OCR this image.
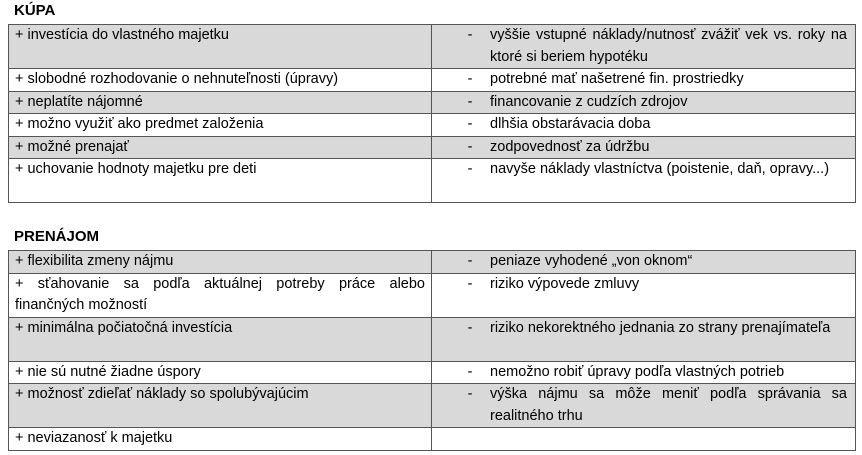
KÚPA
+ investícia do vlastného majetku	- vyššie vstupné náklady/nutnosť zvážiť vek vs. roky na ktoré si beriem hypotéku

+ slobodné rozhodovanie o nehnuteľnosti (úpravy)	- potrebné mať našetrené fin. prostriedky

+ neplatíte nájomné	- financovanie z cudzích zdrojov

+ možno využiť ako predmet založenia	- dlhšia obstarávacia doba

+ možné prenajať	- zodpovednosť za údržbu

+ uchovanie hodnoty majetku pre deti	- navyše náklady vlastníctva (poistenie, daň, opravy...)
PRENÁJOM
+ flexibilita zmeny nájmu	- peniaze vyhodené „von oknom“

+ sťahovanie sa podľa aktuálnej potreby práce alebo finančných možností	- riziko výpovede zmluvy

+ minimálna počiatočná investícia	- riziko nekorektného jednania zo strany prenajímateľa

+ nie sú nutné žiadne úspory	- nemožno robiť úpravy podľa vlastných potrieb

+ možnosť zdieľať náklady so spolubývajúcim	- výška nájmu sa môže meniť podľa správania sa realitného trhu

+ neviazanosť k majetku	
